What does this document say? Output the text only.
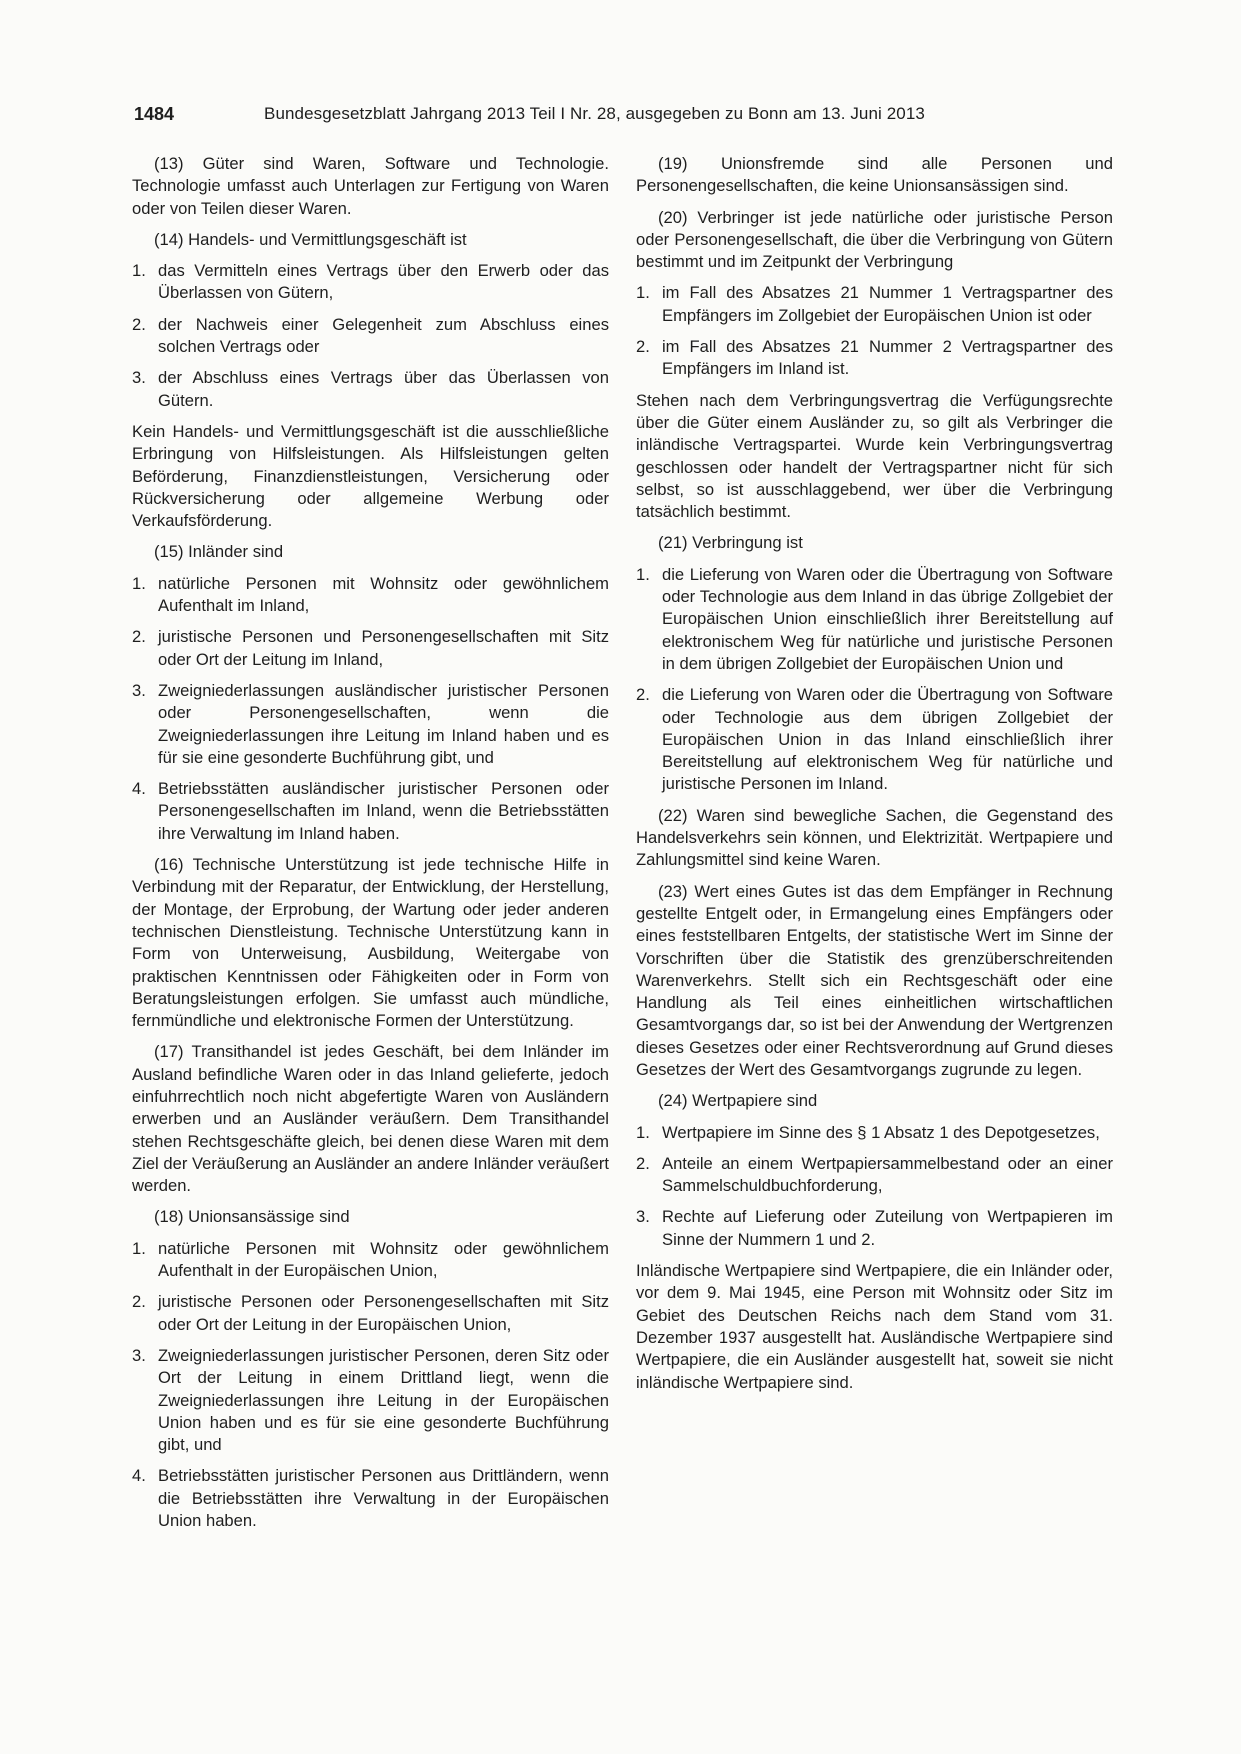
1484	Bundesgesetzblatt Jahrgang 2013 Teil I Nr. 28, ausgegeben zu Bonn am 13. Juni 2013

(13) Güter sind Waren, Software und Technologie. Technologie umfasst auch Unterlagen zur Fertigung von Waren oder von Teilen dieser Waren.

(14) Handels- und Vermittlungsgeschäft ist

1. das Vermitteln eines Vertrags über den Erwerb oder das Überlassen von Gütern,
2. der Nachweis einer Gelegenheit zum Abschluss eines solchen Vertrags oder
3. der Abschluss eines Vertrags über das Überlassen von Gütern.

Kein Handels- und Vermittlungsgeschäft ist die ausschließliche Erbringung von Hilfsleistungen. Als Hilfsleistungen gelten Beförderung, Finanzdienstleistungen, Versicherung oder Rückversicherung oder allgemeine Werbung oder Verkaufsförderung.

(15) Inländer sind

1. natürliche Personen mit Wohnsitz oder gewöhnlichem Aufenthalt im Inland,
2. juristische Personen und Personengesellschaften mit Sitz oder Ort der Leitung im Inland,
3. Zweigniederlassungen ausländischer juristischer Personen oder Personengesellschaften, wenn die Zweigniederlassungen ihre Leitung im Inland haben und es für sie eine gesonderte Buchführung gibt, und
4. Betriebsstätten ausländischer juristischer Personen oder Personengesellschaften im Inland, wenn die Betriebsstätten ihre Verwaltung im Inland haben.

(16) Technische Unterstützung ist jede technische Hilfe in Verbindung mit der Reparatur, der Entwicklung, der Herstellung, der Montage, der Erprobung, der Wartung oder jeder anderen technischen Dienstleistung. Technische Unterstützung kann in Form von Unterweisung, Ausbildung, Weitergabe von praktischen Kenntnissen oder Fähigkeiten oder in Form von Beratungsleistungen erfolgen. Sie umfasst auch mündliche, fernmündliche und elektronische Formen der Unterstützung.

(17) Transithandel ist jedes Geschäft, bei dem Inländer im Ausland befindliche Waren oder in das Inland gelieferte, jedoch einfuhrrechtlich noch nicht abgefertigte Waren von Ausländern erwerben und an Ausländer veräußern. Dem Transithandel stehen Rechtsgeschäfte gleich, bei denen diese Waren mit dem Ziel der Veräußerung an Ausländer an andere Inländer veräußert werden.

(18) Unionsansässige sind

1. natürliche Personen mit Wohnsitz oder gewöhnlichem Aufenthalt in der Europäischen Union,
2. juristische Personen oder Personengesellschaften mit Sitz oder Ort der Leitung in der Europäischen Union,
3. Zweigniederlassungen juristischer Personen, deren Sitz oder Ort der Leitung in einem Drittland liegt, wenn die Zweigniederlassungen ihre Leitung in der Europäischen Union haben und es für sie eine gesonderte Buchführung gibt, und
4. Betriebsstätten juristischer Personen aus Drittländern, wenn die Betriebsstätten ihre Verwaltung in der Europäischen Union haben.

(19) Unionsfremde sind alle Personen und Personengesellschaften, die keine Unionsansässigen sind.

(20) Verbringer ist jede natürliche oder juristische Person oder Personengesellschaft, die über die Verbringung von Gütern bestimmt und im Zeitpunkt der Verbringung

1. im Fall des Absatzes 21 Nummer 1 Vertragspartner des Empfängers im Zollgebiet der Europäischen Union ist oder
2. im Fall des Absatzes 21 Nummer 2 Vertragspartner des Empfängers im Inland ist.

Stehen nach dem Verbringungsvertrag die Verfügungsrechte über die Güter einem Ausländer zu, so gilt als Verbringer die inländische Vertragspartei. Wurde kein Verbringungsvertrag geschlossen oder handelt der Vertragspartner nicht für sich selbst, so ist ausschlaggebend, wer über die Verbringung tatsächlich bestimmt.

(21) Verbringung ist

1. die Lieferung von Waren oder die Übertragung von Software oder Technologie aus dem Inland in das übrige Zollgebiet der Europäischen Union einschließlich ihrer Bereitstellung auf elektronischem Weg für natürliche und juristische Personen in dem übrigen Zollgebiet der Europäischen Union und
2. die Lieferung von Waren oder die Übertragung von Software oder Technologie aus dem übrigen Zollgebiet der Europäischen Union in das Inland einschließlich ihrer Bereitstellung auf elektronischem Weg für natürliche und juristische Personen im Inland.

(22) Waren sind bewegliche Sachen, die Gegenstand des Handelsverkehrs sein können, und Elektrizität. Wertpapiere und Zahlungsmittel sind keine Waren.

(23) Wert eines Gutes ist das dem Empfänger in Rechnung gestellte Entgelt oder, in Ermangelung eines Empfängers oder eines feststellbaren Entgelts, der statistische Wert im Sinne der Vorschriften über die Statistik des grenzüberschreitenden Warenverkehrs. Stellt sich ein Rechtsgeschäft oder eine Handlung als Teil eines einheitlichen wirtschaftlichen Gesamtvorgangs dar, so ist bei der Anwendung der Wertgrenzen dieses Gesetzes oder einer Rechtsverordnung auf Grund dieses Gesetzes der Wert des Gesamtvorgangs zugrunde zu legen.

(24) Wertpapiere sind

1. Wertpapiere im Sinne des § 1 Absatz 1 des Depotgesetzes,
2. Anteile an einem Wertpapiersammelbestand oder an einer Sammelschuldbuchforderung,
3. Rechte auf Lieferung oder Zuteilung von Wertpapieren im Sinne der Nummern 1 und 2.

Inländische Wertpapiere sind Wertpapiere, die ein Inländer oder, vor dem 9. Mai 1945, eine Person mit Wohnsitz oder Sitz im Gebiet des Deutschen Reichs nach dem Stand vom 31. Dezember 1937 ausgestellt hat. Ausländische Wertpapiere sind Wertpapiere, die ein Ausländer ausgestellt hat, soweit sie nicht inländische Wertpapiere sind.
